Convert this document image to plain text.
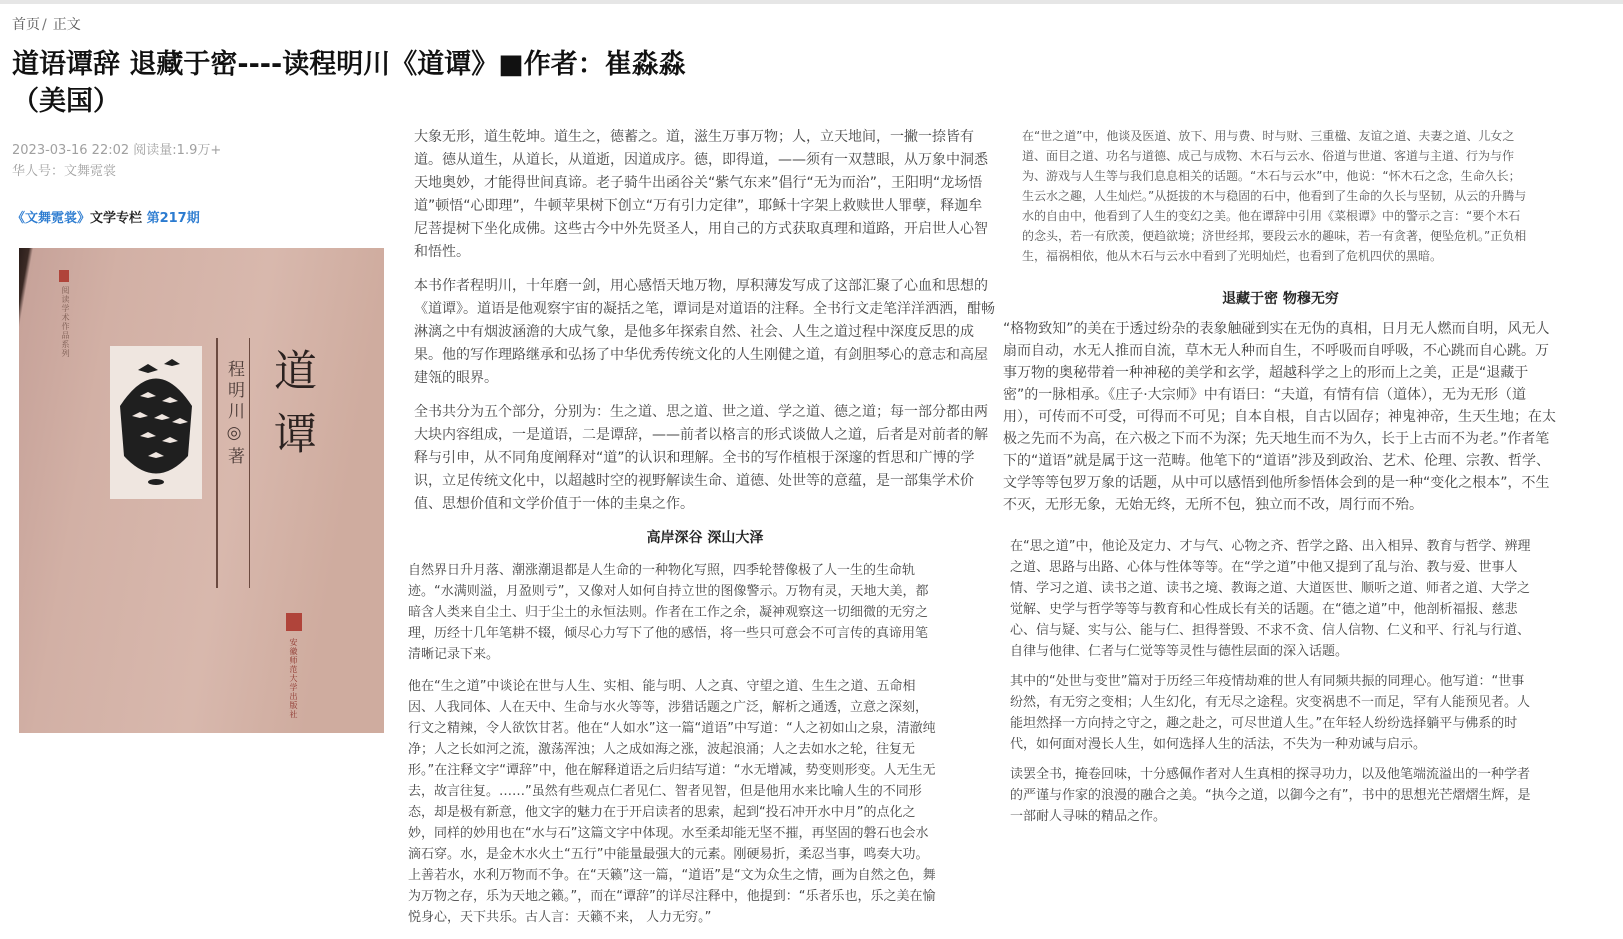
首页 / 正文
道语谭辞 退藏于密----读程明川《道谭》■作者：崔淼淼（美国）
2023-03-16 22:02 阅读量:1.9万+
华人号：文舞霓裳
《文舞霓裳》文学专栏 第217期
阅读学术作品系列
程明川◎著 道谭
安徽师范大学出版社

大象无形，道生乾坤。道生之，德蓄之。道，滋生万事万物；人，立天地间，一撇一捺皆有道。德从道生，从道长，从道逝，因道成序。德，即得道，——须有一双慧眼，从万象中洞悉天地奥妙，才能得世间真谛。老子骑牛出函谷关“紫气东来”倡行“无为而治”，王阳明“龙场悟道”顿悟“心即理”，牛顿苹果树下创立“万有引力定律”，耶稣十字架上救赎世人罪孽，释迦牟尼菩提树下坐化成佛。这些古今中外先贤圣人，用自己的方式获取真理和道路，开启世人心智和悟性。

本书作者程明川，十年磨一剑，用心感悟天地万物，厚积薄发写成了这部汇聚了心血和思想的《道谭》。道语是他观察宇宙的凝括之笔，谭词是对道语的注释。全书行文走笔洋洋洒洒，酣畅淋漓之中有烟波涵澹的大成气象，是他多年探索自然、社会、人生之道过程中深度反思的成果。他的写作理路继承和弘扬了中华优秀传统文化的人生刚健之道，有剑胆琴心的意志和高屋建瓴的眼界。

全书共分为五个部分，分别为：生之道、思之道、世之道、学之道、德之道；每一部分都由两大块内容组成，一是道语，二是谭辞，——前者以格言的形式谈做人之道，后者是对前者的解释与引申，从不同角度阐释对“道”的认识和理解。全书的写作植根于深邃的哲思和广博的学识，立足传统文化中，以超越时空的视野解读生命、道德、处世等的意蕴，是一部集学术价值、思想价值和文学价值于一体的圭臬之作。

高岸深谷 深山大泽

自然界日升月落、潮涨潮退都是人生命的一种物化写照，四季轮替像极了人一生的生命轨迹。“水满则溢，月盈则亏”，又像对人如何自持立世的图像警示。万物有灵，天地大美，都暗含人类来自尘土、归于尘土的永恒法则。作者在工作之余，凝神观察这一切细微的无穷之理，历经十几年笔耕不辍，倾尽心力写下了他的感悟，将一些只可意会不可言传的真谛用笔清晰记录下来。

他在“生之道”中谈论在世与人生、实相、能与明、人之真、守望之道、生生之道、五命相因、人我同体、人在天中、生命与水火等等，涉猎话题之广泛，解析之通透，立意之深刻，行文之精辣，令人欲饮甘茗。他在“人如水”这一篇“道语”中写道：“人之初如山之泉，清澈纯净；人之长如河之流，激荡浑浊；人之成如海之涨，波起浪涌；人之去如水之轮，往复无形。”在注释文字“谭辞”中，他在解释道语之后归结写道：“水无增减，势变则形变。人无生无去，故言往复。……”虽然有些观点仁者见仁、智者见智，但是他用水来比喻人生的不同形态，却是极有新意，他文字的魅力在于开启读者的思索，起到“投石冲开水中月”的点化之妙，同样的妙用也在“水与石”这篇文字中体现。水至柔却能无坚不摧，再坚固的磐石也会水滴石穿。水，是金木水火土“五行”中能量最强大的元素。刚硬易折，柔忍当事，鸣奏大功。上善若水，水利万物而不争。在“天籁”这一篇，“道语”是“文为众生之情，画为自然之色，舞为万物之存，乐为天地之籁。”，而在“谭辞”的详尽注释中，他提到：“乐者乐也，乐之美在愉悦身心，天下共乐。古人言：天籁不来， 人力无穷。”

在“世之道”中，他谈及医道、放下、用与费、时与财、三重楹、友谊之道、夫妻之道、儿女之道、面目之道、功名与道德、成己与成物、木石与云水、俗道与世道、客道与主道、行为与作为、游戏与人生等与我们息息相关的话题。“木石与云水”中，他说：“怀木石之念，生命久长；生云水之趣，人生灿烂。”从挺拔的木与稳固的石中，他看到了生命的久长与坚韧，从云的升腾与水的自由中，他看到了人生的变幻之美。他在谭辞中引用《菜根谭》中的警示之言：“要个木石的念头，若一有欣羡，便趋欲境；济世经邦，要段云水的趣味，若一有贪著，便坠危机。”正负相生，福祸相依，他从木石与云水中看到了光明灿烂，也看到了危机四伏的黑暗。

退藏于密 物穆无穷

“格物致知”的美在于透过纷杂的表象触碰到实在无伪的真相，日月无人燃而自明，风无人扇而自动，水无人推而自流，草木无人种而自生，不呼吸而自呼吸，不心跳而自心跳。万事万物的奥秘带着一种神秘的美学和玄学，超越科学之上的形而上之美，正是“退藏于密”的一脉相承。《庄子·大宗师》中有语曰：“夫道，有情有信（道体），无为无形（道用），可传而不可受，可得而不可见；自本自根，自古以固存；神鬼神帝，生天生地；在太极之先而不为高，在六极之下而不为深；先天地生而不为久，长于上古而不为老。”作者笔下的“道语”就是属于这一范畴。他笔下的“道语”涉及到政治、艺术、伦理、宗教、哲学、文学等等包罗万象的话题，从中可以感悟到他所参悟体会到的是一种“变化之根本”，不生不灭，无形无象，无始无终，无所不包，独立而不改，周行而不殆。

在“思之道”中，他论及定力、才与气、心物之齐、哲学之路、出入相异、教育与哲学、辨理之道、思路与出路、心体与性体等等。在“学之道”中他又提到了乱与治、教与爱、世事人情、学习之道、读书之道、读书之境、教诲之道、大道医世、顺听之道、师者之道、大学之觉解、史学与哲学等等与教育和心性成长有关的话题。在“德之道”中，他剖析福报、慈悲心、信与疑、实与公、能与仁、担得誉毁、不求不贪、信人信物、仁义和平、行礼与行道、自律与他律、仁者与仁觉等等灵性与德性层面的深入话题。

其中的“处世与变世”篇对于历经三年疫情劫难的世人有同频共振的同理心。他写道：“世事纷然，有无穷之变相；人生幻化，有无尽之途程。灾变祸患不一而足，罕有人能预见者。人能坦然择一方向持之守之，趣之赴之，可尽世道人生。”在年轻人纷纷选择躺平与佛系的时代，如何面对漫长人生，如何选择人生的活法，不失为一种劝诫与启示。

读罢全书，掩卷回味，十分感佩作者对人生真相的探寻功力，以及他笔端流溢出的一种学者的严谨与作家的浪漫的融合之美。“执今之道，以御今之有”，书中的思想光芒熠熠生辉，是一部耐人寻味的精品之作。
